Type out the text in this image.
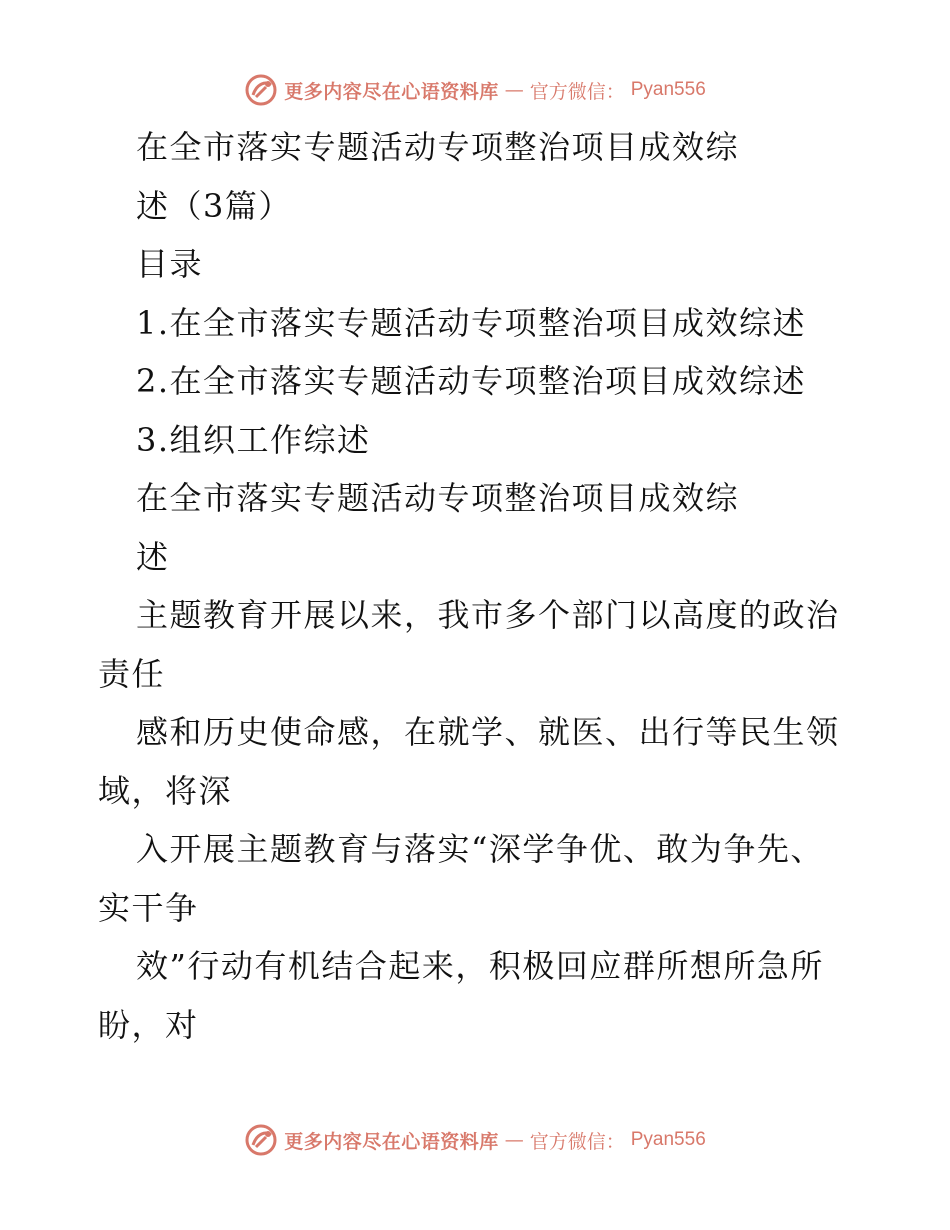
更多内容尽在心语资料库 — 官方微信： Pyan556
在全市落实专题活动专项整治项目成效综
述（3篇）
目录
1.在全市落实专题活动专项整治项目成效综述
2.在全市落实专题活动专项整治项目成效综述
3.组织工作综述
在全市落实专题活动专项整治项目成效综
述
主题教育开展以来，我市多个部门以高度的政治
责任
感和历史使命感，在就学、就医、出行等民生领
域，将深
入开展主题教育与落实“深学争优、敢为争先、
实干争
效”行动有机结合起来，积极回应群所想所急所
盼，对
更多内容尽在心语资料库 — 官方微信： Pyan556
